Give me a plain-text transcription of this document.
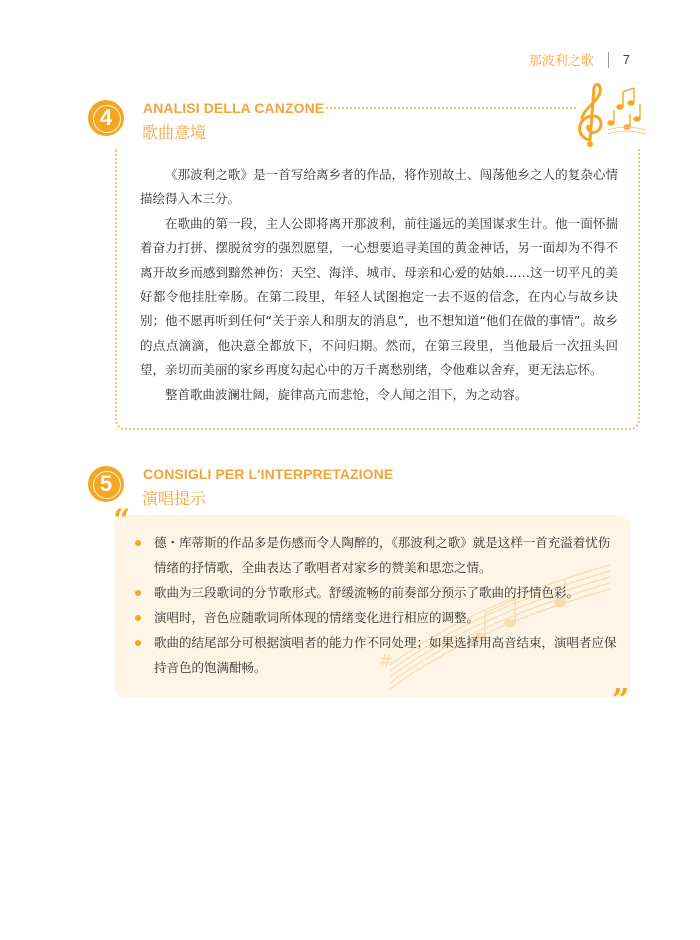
那波利之歌 7
4 ANALISI DELLA CANZONE
歌曲意境

《那波利之歌》是一首写给离乡者的作品，将作别故土、闯荡他乡之人的复杂心情描绘得入木三分。

在歌曲的第一段，主人公即将离开那波利，前往遥远的美国谋求生计。他一面怀揣着奋力打拼、摆脱贫穷的强烈愿望，一心想要追寻美国的黄金神话，另一面却为不得不离开故乡而感到黯然神伤：天空、海洋、城市、母亲和心爱的姑娘……这一切平凡的美好都令他挂肚牵肠。在第二段里，年轻人试图抱定一去不返的信念，在内心与故乡诀别；他不愿再听到任何“关于亲人和朋友的消息”，也不想知道“他们在做的事情”。故乡的点点滴滴，他决意全都放下，不问归期。然而，在第三段里，当他最后一次扭头回望，亲切而美丽的家乡再度勾起心中的万千离愁别绪，令他难以舍弃，更无法忘怀。

整首歌曲波澜壮阔，旋律高亢而悲怆，令人闻之泪下，为之动容。

5 CONSIGLI PER L'INTERPRETAZIONE
演唱提示
#
“
德・库蒂斯的作品多是伤感而令人陶醉的，《那波利之歌》就是这样一首充溢着忧伤情绪的抒情歌，全曲表达了歌唱者对家乡的赞美和思恋之情。
歌曲为三段歌词的分节歌形式。舒缓流畅的前奏部分预示了歌曲的抒情色彩。
演唱时，音色应随歌词所体现的情绪变化进行相应的调整。
歌曲的结尾部分可根据演唱者的能力作不同处理；如果选择用高音结束，演唱者应保持音色的饱满酣畅。
”
